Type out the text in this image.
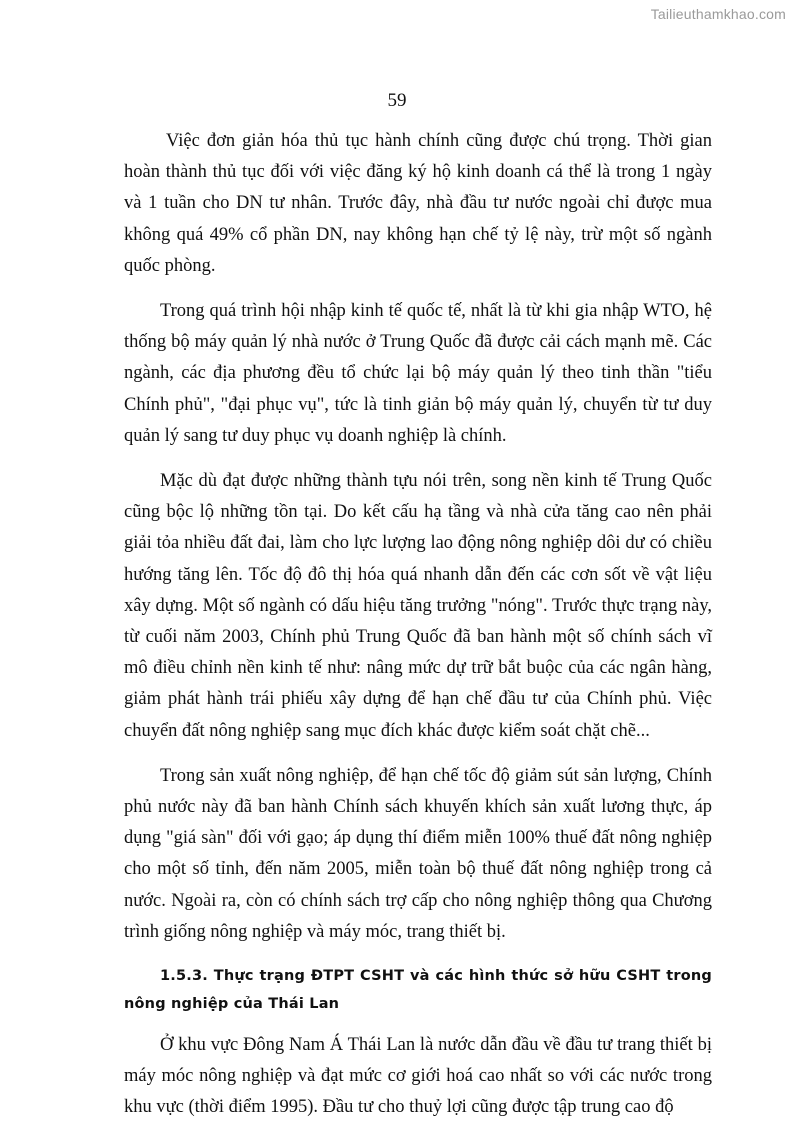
Tailieuthamkhao.com
59

Việc đơn giản hóa thủ tục hành chính cũng được chú trọng. Thời gian hoàn thành thủ tục đối với việc đăng ký hộ kinh doanh cá thể là trong 1 ngày và 1 tuần cho DN tư nhân. Trước đây, nhà đầu tư nước ngoài chỉ được mua không quá 49% cổ phần DN, nay không hạn chế tỷ lệ này, trừ một số ngành quốc phòng.

Trong quá trình hội nhập kinh tế quốc tế, nhất là từ khi gia nhập WTO, hệ thống bộ máy quản lý nhà nước ở Trung Quốc đã được cải cách mạnh mẽ. Các ngành, các địa phương đều tổ chức lại bộ máy quản lý theo tinh thần "tiểu Chính phủ", "đại phục vụ", tức là tinh giản bộ máy quản lý, chuyển từ tư duy quản lý sang tư duy phục vụ doanh nghiệp là chính.

Mặc dù đạt được những thành tựu nói trên, song nền kinh tế Trung Quốc cũng bộc lộ những tồn tại. Do kết cấu hạ tầng và nhà cửa tăng cao nên phải giải tỏa nhiều đất đai, làm cho lực lượng lao động nông nghiệp dôi dư có chiều hướng tăng lên. Tốc độ đô thị hóa quá nhanh dẫn đến các cơn sốt về vật liệu xây dựng. Một số ngành có dấu hiệu tăng trưởng "nóng". Trước thực trạng này, từ cuối năm 2003, Chính phủ Trung Quốc đã ban hành một số chính sách vĩ mô điều chỉnh nền kinh tế như: nâng mức dự trữ bắt buộc của các ngân hàng, giảm phát hành trái phiếu xây dựng để hạn chế đầu tư của Chính phủ. Việc chuyển đất nông nghiệp sang mục đích khác được kiểm soát chặt chẽ...

Trong sản xuất nông nghiệp, để hạn chế tốc độ giảm sút sản lượng, Chính phủ nước này đã ban hành Chính sách khuyến khích sản xuất lương thực, áp dụng "giá sàn" đối với gạo; áp dụng thí điểm miễn 100% thuế đất nông nghiệp cho một số tỉnh, đến năm 2005, miễn toàn bộ thuế đất nông nghiệp trong cả nước. Ngoài ra, còn có chính sách trợ cấp cho nông nghiệp thông qua Chương trình giống nông nghiệp và máy móc, trang thiết bị.

1.5.3. Thực trạng ĐTPT CSHT và các hình thức sở hữu CSHT trong nông nghiệp của Thái Lan

Ở khu vực Đông Nam Á Thái Lan là nước dẫn đầu về đầu tư trang thiết bị máy móc nông nghiệp và đạt mức cơ giới hoá cao nhất so với các nước trong khu vực (thời điểm 1995). Đầu tư cho thuỷ lợi cũng được tập trung cao độ
